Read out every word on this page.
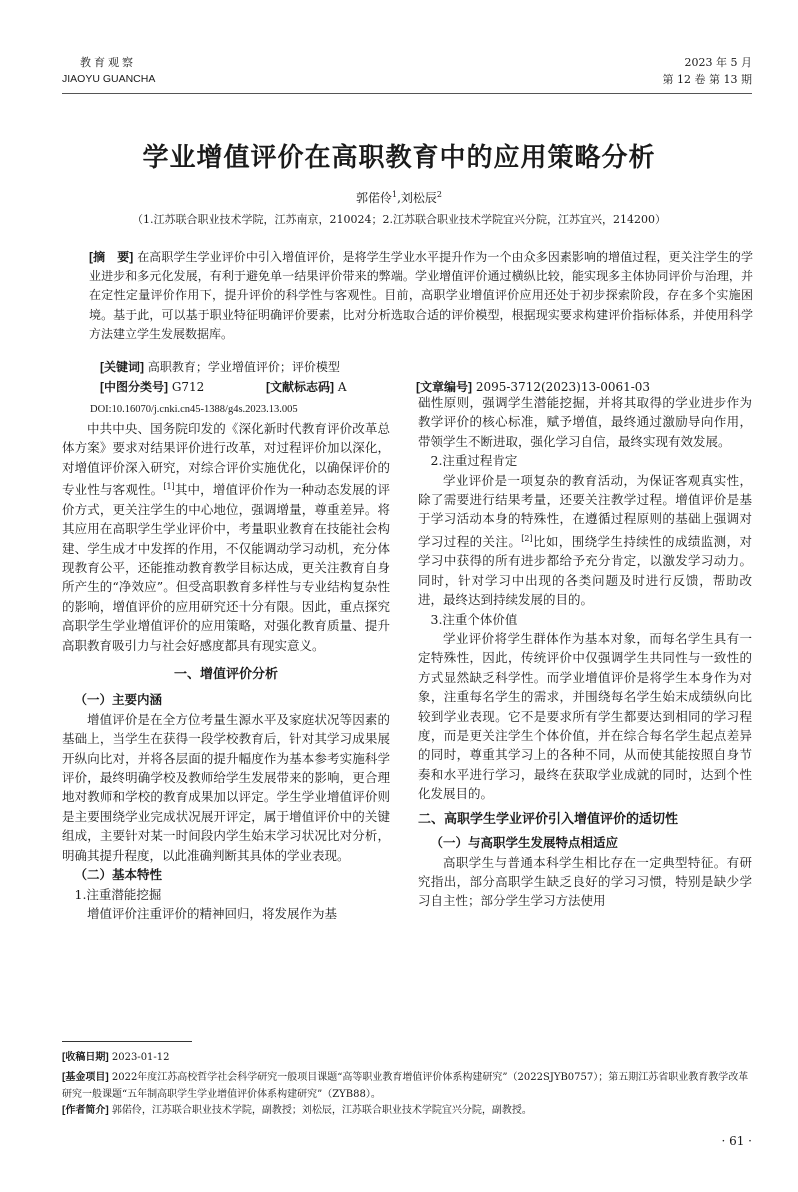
教育观察
JIAOYU GUANCHA
2023 年 5 月
第 12 卷 第 13 期
学业增值评价在高职教育中的应用策略分析
郭偌伶$^1$,刘松辰$^2$
（1.江苏联合职业技术学院，江苏南京，210024；2.江苏联合职业技术学院宜兴分院，江苏宜兴，214200）
[摘　要] 在高职学生学业评价中引入增值评价，是将学生学业水平提升作为一个由众多因素影响的增值过程，更关注学生的学业进步和多元化发展，有利于避免单一结果评价带来的弊端。学业增值评价通过横纵比较，能实现多主体协同评价与治理，并在定性定量评价作用下，提升评价的科学性与客观性。目前，高职学业增值评价应用还处于初步探索阶段，存在多个实施困境。基于此，可以基于职业特征明确评价要素，比对分析选取合适的评价模型，根据现实要求构建评价指标体系，并使用科学方法建立学生发展数据库。
[关键词] 高职教育；学业增值评价；评价模型
[中图分类号] G712	[文献标志码] A	[文章编号] 2095-3712(2023)13-0061-03
DOI:10.16070/j.cnki.cn45-1388/g4s.2023.13.005

中共中央、国务院印发的《深化新时代教育评价改革总体方案》要求对结果评价进行改革，对过程评价加以深化，对增值评价深入研究，对综合评价实施优化，以确保评价的专业性与客观性。[1]其中，增值评价作为一种动态发展的评价方式，更关注学生的中心地位，强调增量，尊重差异。将其应用在高职学生学业评价中，考量职业教育在技能社会构建、学生成才中发挥的作用，不仅能调动学习动机，充分体现教育公平，还能推动教育教学目标达成，更关注教育自身所产生的“净效应”。但受高职教育多样性与专业结构复杂性的影响，增值评价的应用研究还十分有限。因此，重点探究高职学生学业增值评价的应用策略，对强化教育质量、提升高职教育吸引力与社会好感度都具有现实意义。

一、增值评价分析
（一）主要内涵

增值评价是在全方位考量生源水平及家庭状况等因素的基础上，当学生在获得一段学校教育后，针对其学习成果展开纵向比对，并将各层面的提升幅度作为基本参考实施科学评价，最终明确学校及教师给学生发展带来的影响，更合理地对教师和学校的教育成果加以评定。学生学业增值评价则是主要围绕学业完成状况展开评定，属于增值评价中的关键组成，主要针对某一时间段内学生始末学习状况比对分析，明确其提升程度，以此准确判断其具体的学业表现。

（二）基本特性
1.注重潜能挖掘

增值评价注重评价的精神回归，将发展作为基

础性原则，强调学生潜能挖掘，并将其取得的学业进步作为教学评价的核心标准，赋予增值，最终通过激励导向作用，带领学生不断进取，强化学习自信，最终实现有效发展。

2.注重过程肯定

学业评价是一项复杂的教育活动，为保证客观真实性，除了需要进行结果考量，还要关注教学过程。增值评价是基于学习活动本身的特殊性，在遵循过程原则的基础上强调对学习过程的关注。[2]比如，围绕学生持续性的成绩监测，对学习中获得的所有进步都给予充分肯定，以激发学习动力。同时，针对学习中出现的各类问题及时进行反馈，帮助改进，最终达到持续发展的目的。

3.注重个体价值

学业评价将学生群体作为基本对象，而每名学生具有一定特殊性，因此，传统评价中仅强调学生共同性与一致性的方式显然缺乏科学性。而学业增值评价是将学生本身作为对象，注重每名学生的需求，并围绕每名学生始末成绩纵向比较到学业表现。它不是要求所有学生都要达到相同的学习程度，而是更关注学生个体价值，并在综合每名学生起点差异的同时，尊重其学习上的各种不同，从而使其能按照自身节奏和水平进行学习，最终在获取学业成就的同时，达到个性化发展目的。

二、高职学生学业评价引入增值评价的适切性
（一）与高职学生发展特点相适应

高职学生与普通本科学生相比存在一定典型特征。有研究指出，部分高职学生缺乏良好的学习习惯，特别是缺少学习自主性；部分学生学习方法使用

[收稿日期] 2023-01-12
[基金项目] 2022年度江苏高校哲学社会科学研究一般项目课题“高等职业教育增值评价体系构建研究”（2022SJYB0757）；第五期江苏省职业教育教学改革研究一般课题“五年制高职学生学业增值评价体系构建研究”（ZYB88）。
[作者简介] 郭偌伶，江苏联合职业技术学院，副教授；刘松辰，江苏联合职业技术学院宜兴分院，副教授。
· 61 ·
